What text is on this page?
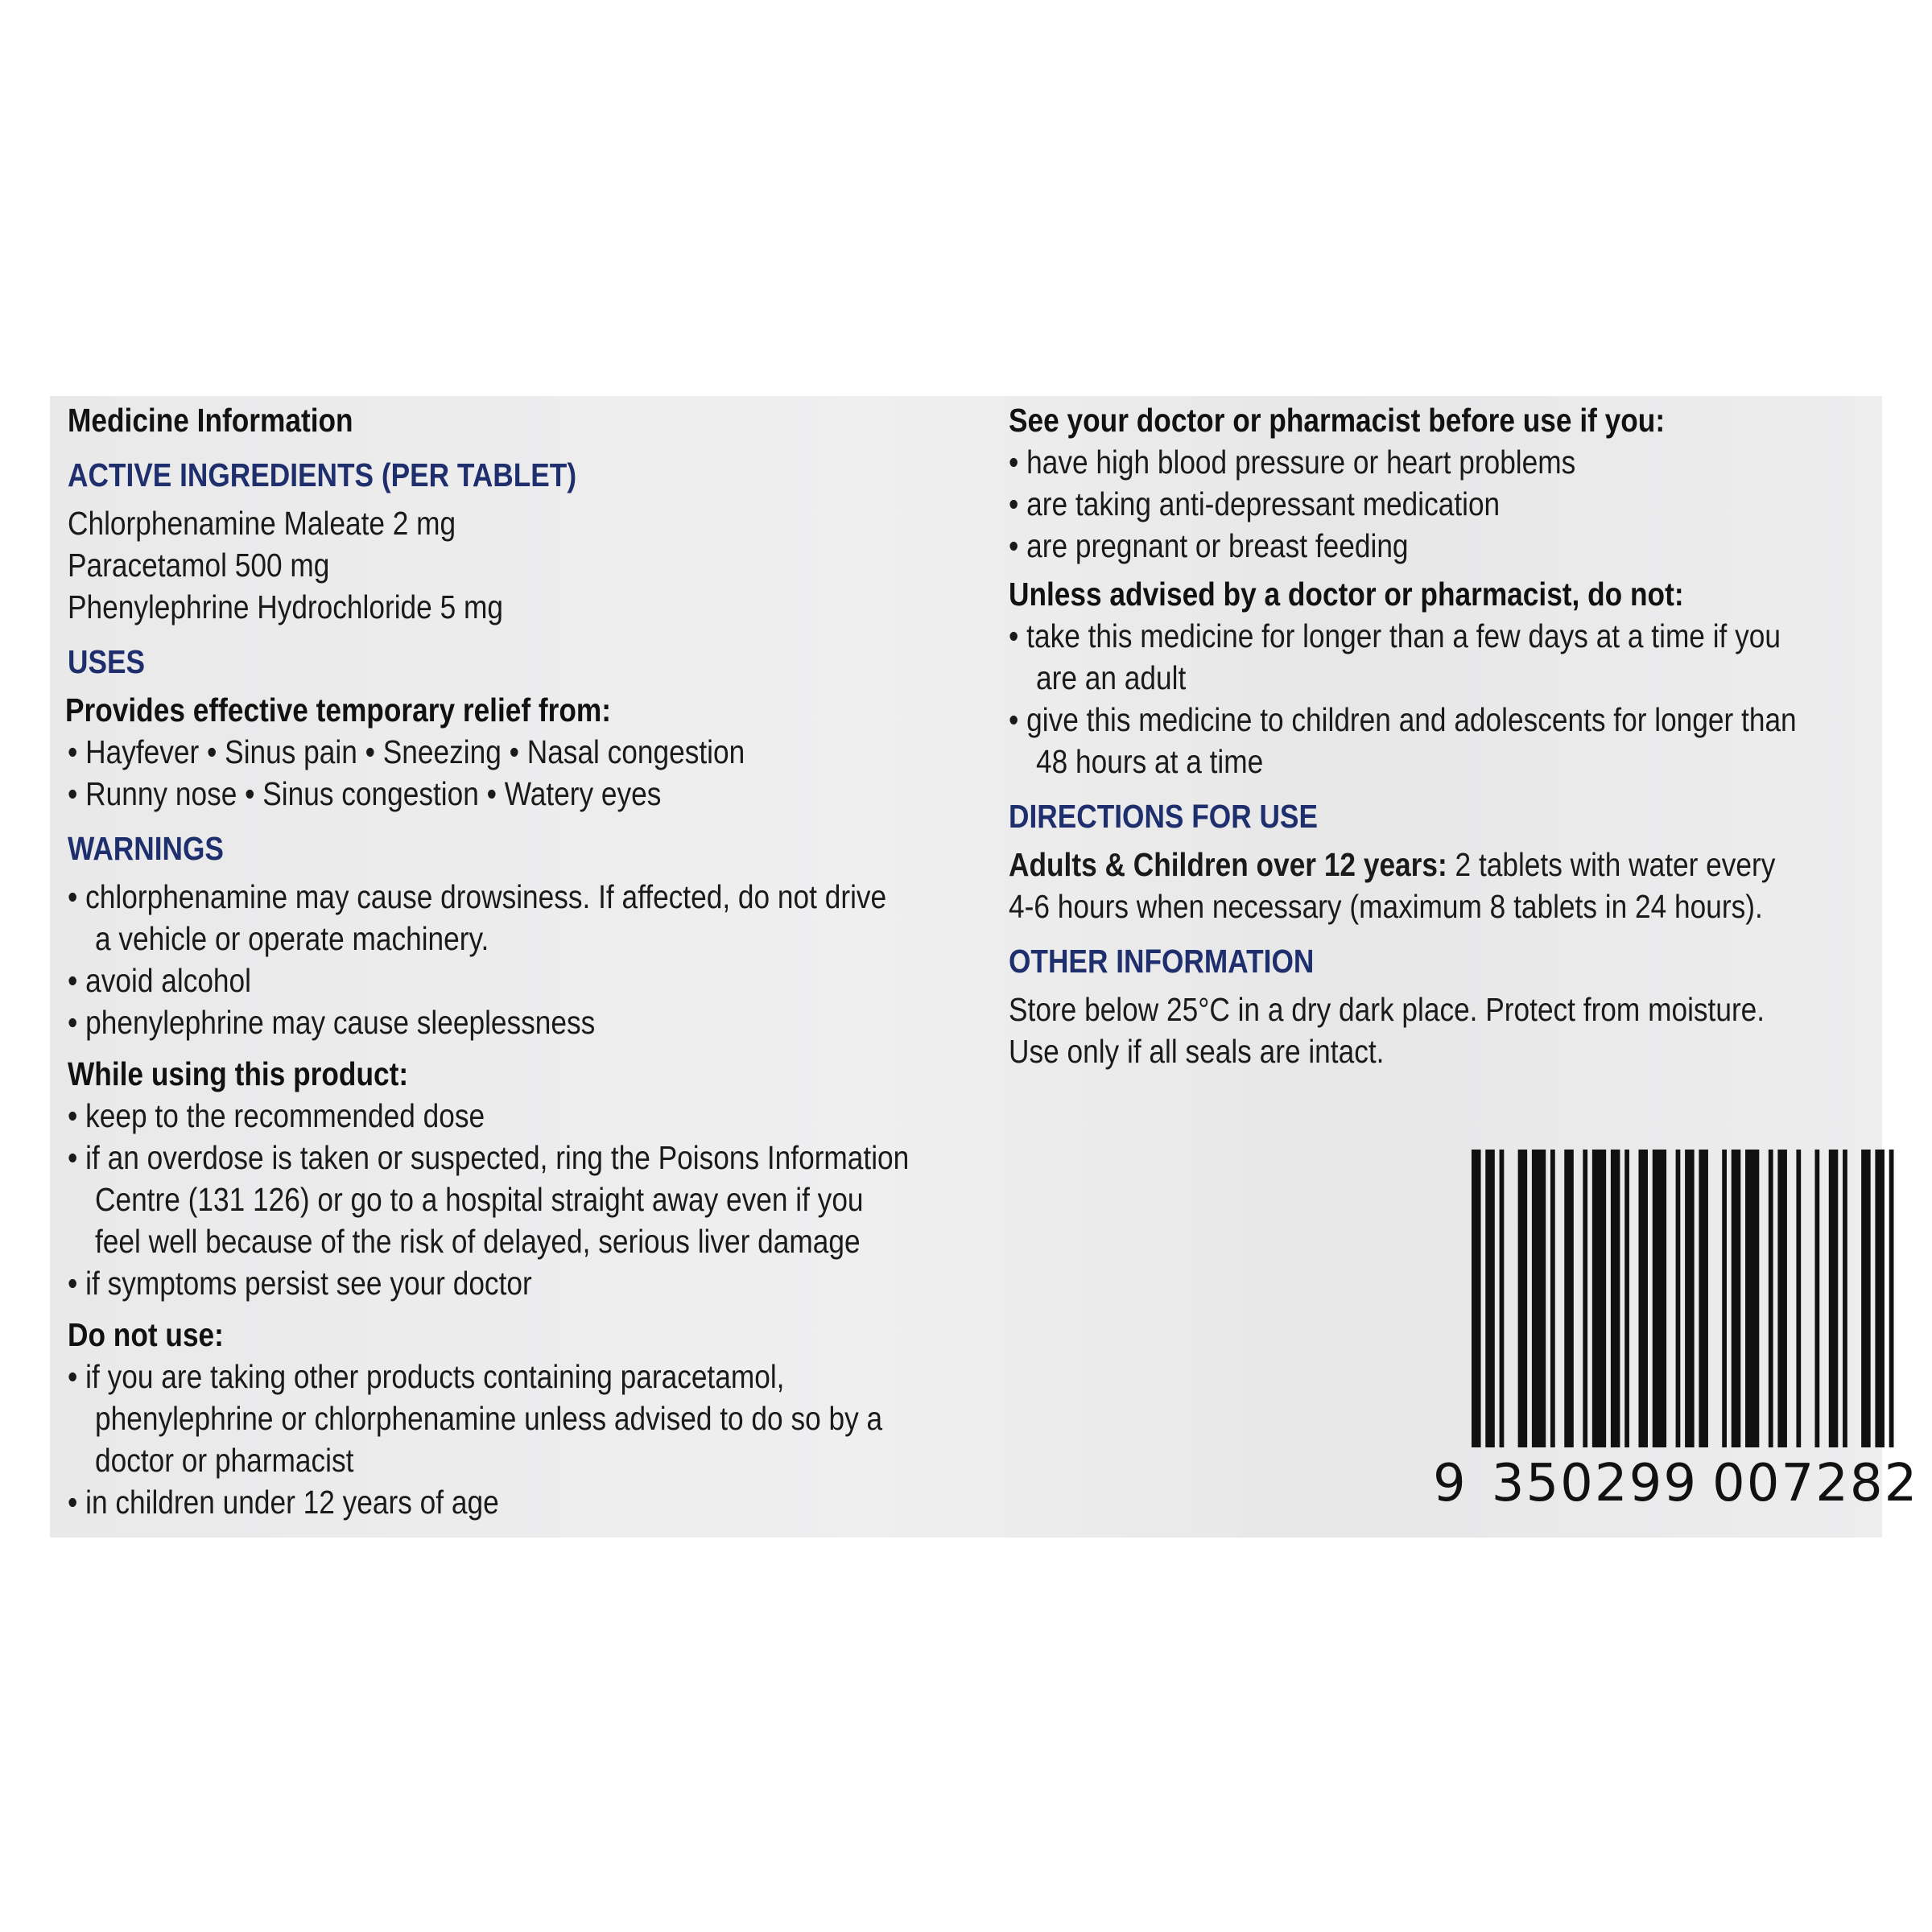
Medicine Information
ACTIVE INGREDIENTS (PER TABLET)
Chlorphenamine Maleate 2 mg
Paracetamol 500 mg
Phenylephrine Hydrochloride 5 mg
USES
Provides effective temporary relief from:
• Hayfever • Sinus pain • Sneezing • Nasal congestion
• Runny nose • Sinus congestion • Watery eyes
WARNINGS
• chlorphenamine may cause drowsiness. If affected, do not drive
a vehicle or operate machinery.
• avoid alcohol
• phenylephrine may cause sleeplessness
While using this product:
• keep to the recommended dose
• if an overdose is taken or suspected, ring the Poisons Information
Centre (131 126) or go to a hospital straight away even if you
feel well because of the risk of delayed, serious liver damage
• if symptoms persist see your doctor
Do not use:
• if you are taking other products containing paracetamol,
phenylephrine or chlorphenamine unless advised to do so by a
doctor or pharmacist
• in children under 12 years of age
See your doctor or pharmacist before use if you:
• have high blood pressure or heart problems
• are taking anti-depressant medication
• are pregnant or breast feeding
Unless advised by a doctor or pharmacist, do not:
• take this medicine for longer than a few days at a time if you
are an adult
• give this medicine to children and adolescents for longer than
48 hours at a time
DIRECTIONS FOR USE
Adults & Children over 12 years: 2 tablets with water every
4-6 hours when necessary (maximum 8 tablets in 24 hours).
OTHER INFORMATION
Store below 25°C in a dry dark place. Protect from moisture.
Use only if all seals are intact.
9 350299 007282
